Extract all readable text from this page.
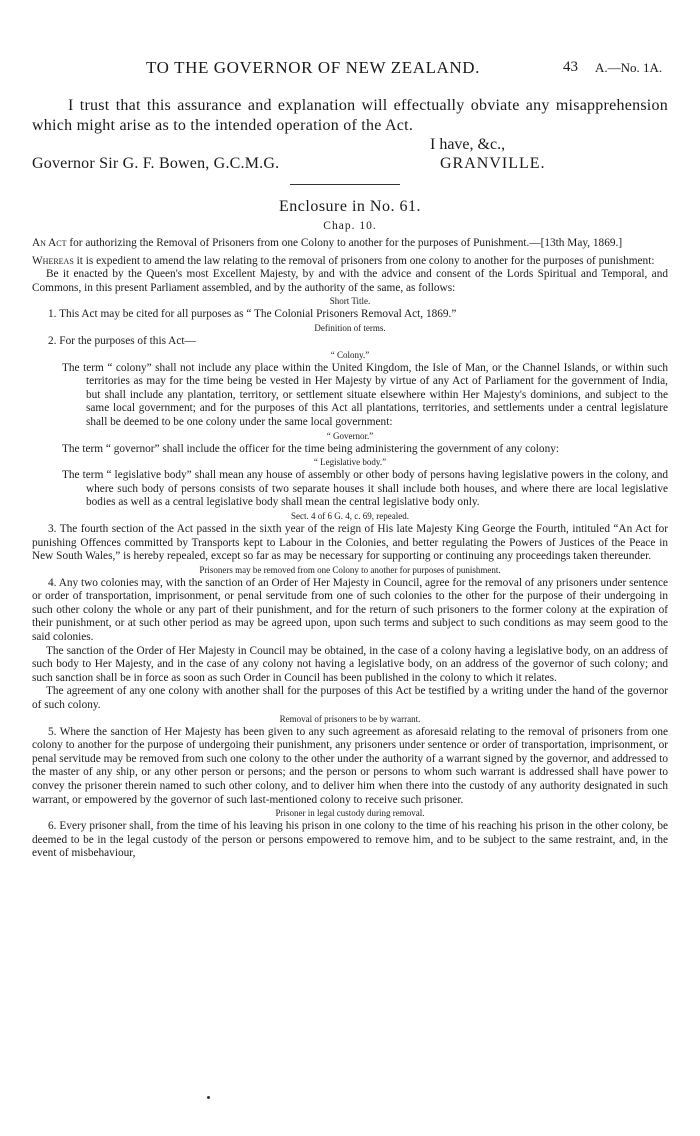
TO THE GOVERNOR OF NEW ZEALAND.	43 A.—No. 1A.

I trust that this assurance and explanation will effectually obviate any misapprehension which might arise as to the intended operation of the Act.

I have, &c.,
Governor Sir G. F. Bowen, G.C.M.G.	GRANVILLE.
Enclosure in No. 61.
Chap. 10.

An Act for authorizing the Removal of Prisoners from one Colony to another for the purposes of Punishment.—[13th May, 1869.]

Whereas it is expedient to amend the law relating to the removal of prisoners from one colony to another for the purposes of punishment:

Be it enacted by the Queen's most Excellent Majesty, by and with the advice and consent of the Lords Spiritual and Temporal, and Commons, in this present Parliament assembled, and by the authority of the same, as follows:

Short Title.

1. This Act may be cited for all purposes as “ The Colonial Prisoners Removal Act, 1869.”

Definition of terms.

2. For the purposes of this Act—

“ Colony.”

The term “ colony” shall not include any place within the United Kingdom, the Isle of Man, or the Channel Islands, or within such territories as may for the time being be vested in Her Majesty by virtue of any Act of Parliament for the government of India, but shall include any plantation, territory, or settlement situate elsewhere within Her Majesty's dominions, and subject to the same local government; and for the purposes of this Act all plantations, territories, and settlements under a central legislature shall be deemed to be one colony under the same local government:

“ Governor.”

The term “ governor” shall include the officer for the time being administering the government of any colony:

“ Legislative body.”

The term “ legislative body” shall mean any house of assembly or other body of persons having legislative powers in the colony, and where such body of persons consists of two separate houses it shall include both houses, and where there are local legislative bodies as well as a central legislative body shall mean the central legislative body only.

Sect. 4 of 6 G. 4, c. 69, repealed.

3. The fourth section of the Act passed in the sixth year of the reign of His late Majesty King George the Fourth, intituled “An Act for punishing Offences committed by Transports kept to Labour in the Colonies, and better regulating the Powers of Justices of the Peace in New South Wales,” is hereby repealed, except so far as may be necessary for supporting or continuing any proceedings taken thereunder.

Prisoners may be removed from one Colony to another for purposes of punishment.

4. Any two colonies may, with the sanction of an Order of Her Majesty in Council, agree for the removal of any prisoners under sentence or order of transportation, imprisonment, or penal servitude from one of such colonies to the other for the purpose of their undergoing in such other colony the whole or any part of their punishment, and for the return of such prisoners to the former colony at the expiration of their punishment, or at such other period as may be agreed upon, upon such terms and subject to such conditions as may seem good to the said colonies.

The sanction of the Order of Her Majesty in Council may be obtained, in the case of a colony having a legislative body, on an address of such body to Her Majesty, and in the case of any colony not having a legislative body, on an address of the governor of such colony; and such sanction shall be in force as soon as such Order in Council has been published in the colony to which it relates.

The agreement of any one colony with another shall for the purposes of this Act be testified by a writing under the hand of the governor of such colony.

Removal of prisoners to be by warrant.

5. Where the sanction of Her Majesty has been given to any such agreement as aforesaid relating to the removal of prisoners from one colony to another for the purpose of undergoing their punishment, any prisoners under sentence or order of transportation, imprisonment, or penal servitude may be removed from such one colony to the other under the authority of a warrant signed by the governor, and addressed to the master of any ship, or any other person or persons; and the person or persons to whom such warrant is addressed shall have power to convey the prisoner therein named to such other colony, and to deliver him when there into the custody of any authority designated in such warrant, or empowered by the governor of such last-mentioned colony to receive such prisoner.

Prisoner in legal custody during removal.

6. Every prisoner shall, from the time of his leaving his prison in one colony to the time of his reaching his prison in the other colony, be deemed to be in the legal custody of the person or persons empowered to remove him, and to be subject to the same restraint, and, in the event of misbehaviour,
